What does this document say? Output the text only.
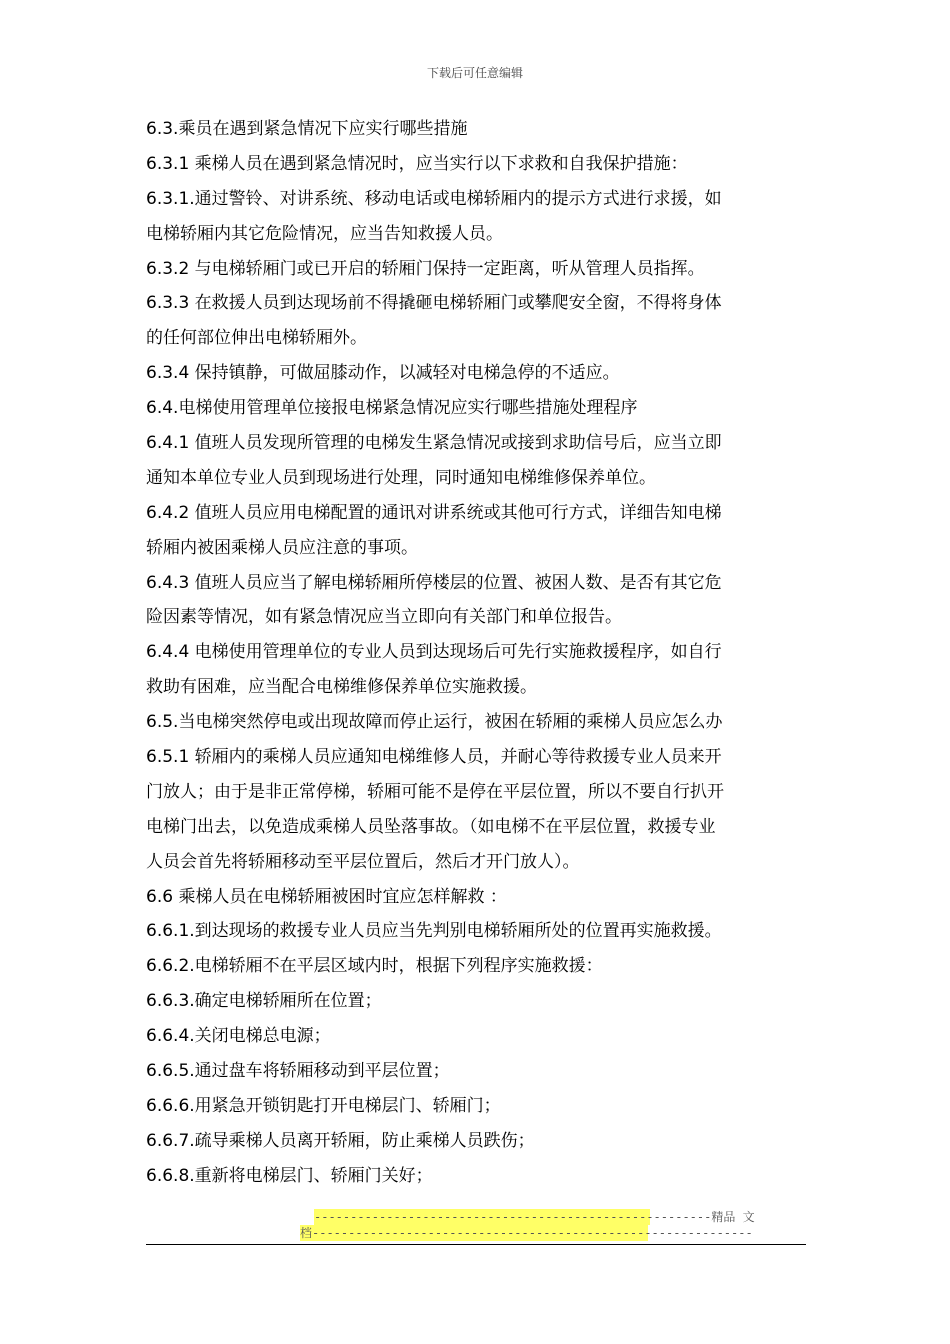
下载后可任意编辑
6.3.乘员在遇到紧急情况下应实行哪些措施
6.3.1 乘梯人员在遇到紧急情况时，应当实行以下求救和自我保护措施：
6.3.1.通过警铃、对讲系统、移动电话或电梯轿厢内的提示方式进行求援，如
电梯轿厢内其它危险情况，应当告知救援人员。
6.3.2 与电梯轿厢门或已开启的轿厢门保持一定距离，听从管理人员指挥。
6.3.3 在救援人员到达现场前不得撬砸电梯轿厢门或攀爬安全窗，不得将身体
的任何部位伸出电梯轿厢外。
6.3.4 保持镇静，可做屈膝动作，以减轻对电梯急停的不适应。
6.4.电梯使用管理单位接报电梯紧急情况应实行哪些措施处理程序
6.4.1 值班人员发现所管理的电梯发生紧急情况或接到求助信号后，应当立即
通知本单位专业人员到现场进行处理，同时通知电梯维修保养单位。
6.4.2 值班人员应用电梯配置的通讯对讲系统或其他可行方式，详细告知电梯
轿厢内被困乘梯人员应注意的事项。
6.4.3 值班人员应当了解电梯轿厢所停楼层的位置、被困人数、是否有其它危
险因素等情况，如有紧急情况应当立即向有关部门和单位报告。
6.4.4 电梯使用管理单位的专业人员到达现场后可先行实施救援程序，如自行
救助有困难，应当配合电梯维修保养单位实施救援。
6.5.当电梯突然停电或出现故障而停止运行，被困在轿厢的乘梯人员应怎么办
6.5.1 轿厢内的乘梯人员应通知电梯维修人员，并耐心等待救援专业人员来开
门放人；由于是非正常停梯，轿厢可能不是停在平层位置，所以不要自行扒开
电梯门出去，以免造成乘梯人员坠落事故。（如电梯不在平层位置，救援专业
人员会首先将轿厢移动至平层位置后，然后才开门放人）。
6.6 乘梯人员在电梯轿厢被困时宜应怎样解救 ：
6.6.1.到达现场的救援专业人员应当先判别电梯轿厢所处的位置再实施救援。
6.6.2.电梯轿厢不在平层区域内时，根据下列程序实施救援：
6.6.3.确定电梯轿厢所在位置；
6.6.4.关闭电梯总电源；
6.6.5.通过盘车将轿厢移动到平层位置；
6.6.6.用紧急开锁钥匙打开电梯层门、轿厢门；
6.6.7.疏导乘梯人员离开轿厢，防止乘梯人员跌伤；
6.6.8.重新将电梯层门、轿厢门关好；
-------------------------------------------------------精品 文
档-------------------------------------------------------------
